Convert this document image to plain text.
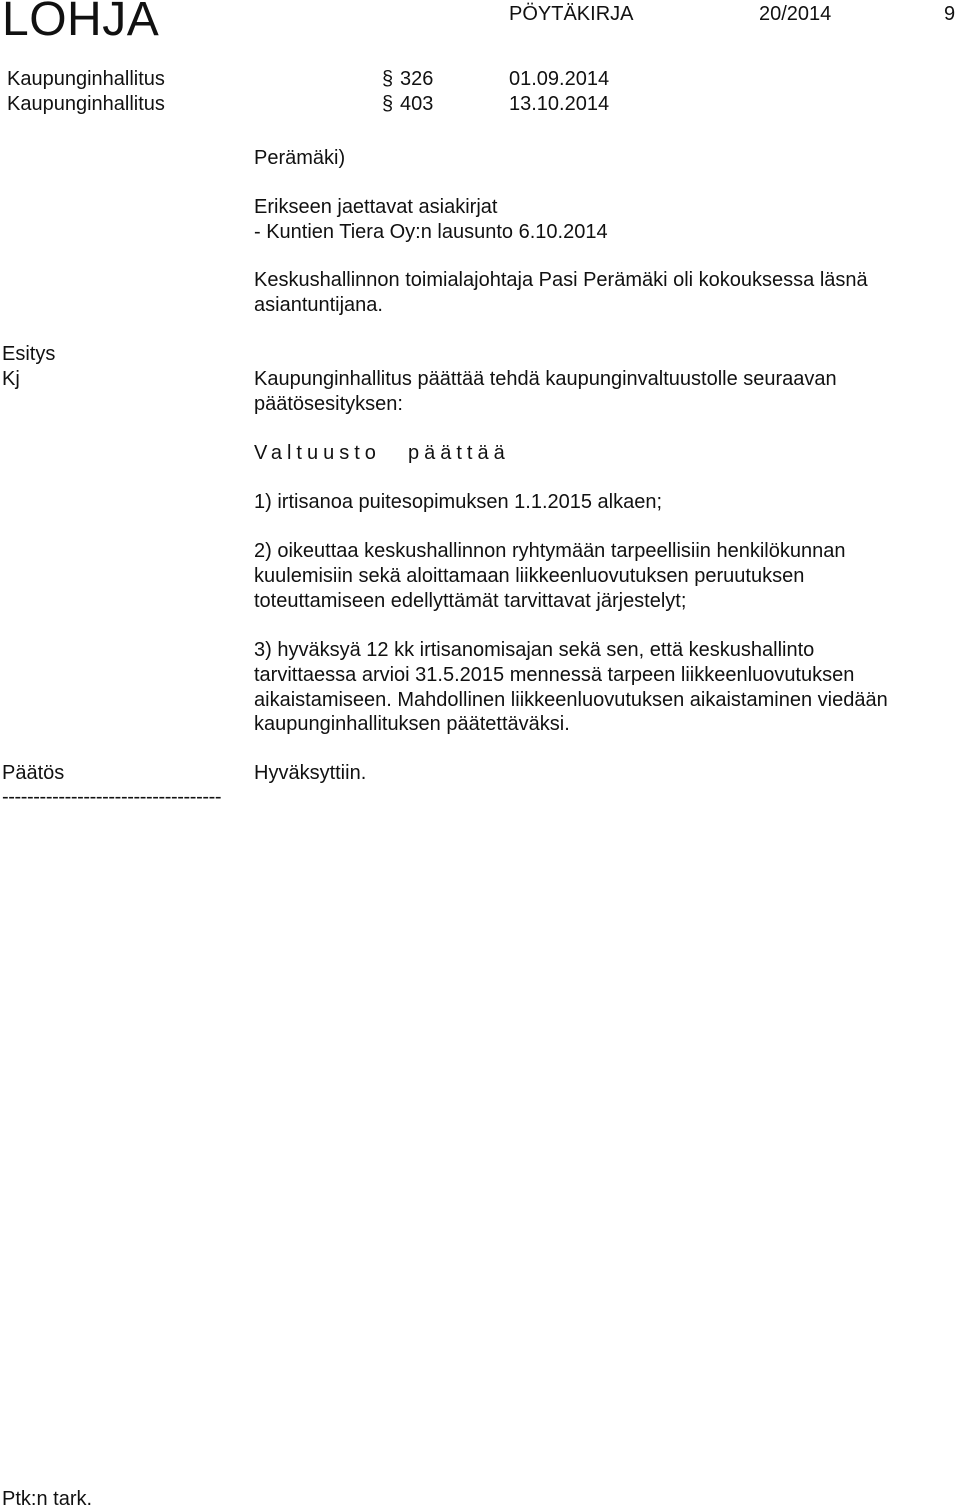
LOHJA	PÖYTÄKIRJA	20/2014	9
Kaupunginhallitus	§ 326	01.09.2014
Kaupunginhallitus	§ 403	13.10.2014
Perämäki)
Erikseen jaettavat asiakirjat
- Kuntien Tiera Oy:n lausunto 6.10.2014
Keskushallinnon toimialajohtaja Pasi Perämäki oli kokouksessa läsnä
asiantuntijana.
Esitys
Kj	Kaupunginhallitus päättää tehdä kaupunginvaltuustolle seuraavan
päätösesityksen:
Valtuusto päättää
1) irtisanoa puitesopimuksen 1.1.2015 alkaen;
2) oikeuttaa keskushallinnon ryhtymään tarpeellisiin henkilökunnan
kuulemisiin sekä aloittamaan liikkeenluovutuksen peruutuksen
toteuttamiseen edellyttämät tarvittavat järjestelyt;
3) hyväksyä 12 kk irtisanomisajan sekä sen, että keskushallinto
tarvittaessa arvioi 31.5.2015 mennessä tarpeen liikkeenluovutuksen
aikaistamiseen. Mahdollinen liikkeenluovutuksen aikaistaminen viedään
kaupunginhallituksen päätettäväksi.
Päätös	Hyväksyttiin.
-----------------------------------
Ptk:n tark.
